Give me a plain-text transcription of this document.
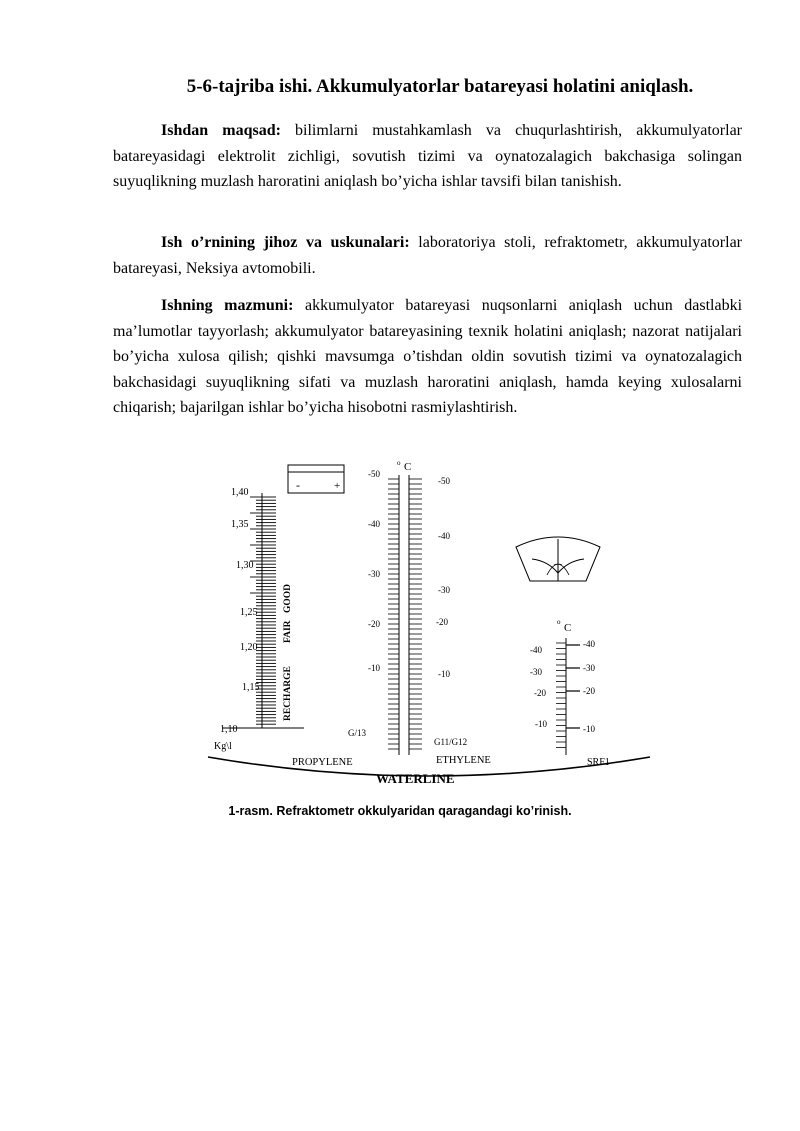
5-6-tajriba ishi. Akkumulyatorlar batareyasi holatini aniqlash.
Ishdan maqsad: bilimlarni mustahkamlash va chuqurlashtirish, akkumulyatorlar batareyasidagi elektrolit zichligi, sovutish tizimi va oynatozalagich bakchasiga solingan suyuqlikning muzlash haroratini aniqlash bo’yicha ishlar tavsifi bilan tanishish.
Ish o’rnining jihoz va uskunalari: laboratoriya stoli, refraktometr, akkumulyatorlar batareyasi, Neksiya avtomobili.
Ishning mazmuni: akkumulyator batareyasi nuqsonlarni aniqlash uchun dastlabki ma’lumotlar tayyorlash; akkumulyator batareyasining texnik holatini aniqlash; nazorat natijalari bo’yicha xulosa qilish; qishki mavsumga o’tishdan oldin sovutish tizimi va oynatozalagich bakchasidagi suyuqlikning sifati va muzlash haroratini aniqlash, hamda keying xulosalarni chiqarish; bajarilgan ishlar bo’yicha hisobotni rasmiylashtirish.
-	+
1,40
1,35
1,30
1,25
1,20
1,15
1,10
Kg\l
RECHARGE
FAIR
GOOD
o C
-50
-40
-30
-20
-10
-50
-40
-30
-20
-10
G/13
G11/G12
o C
-40
-30
-20
-10
-40
-30
-20
-10
PROPYLENE	ETHYLENE	SRF1
WATERLINE
1-rasm. Refraktometr okkulyaridan qaragandagi ko’rinish.
